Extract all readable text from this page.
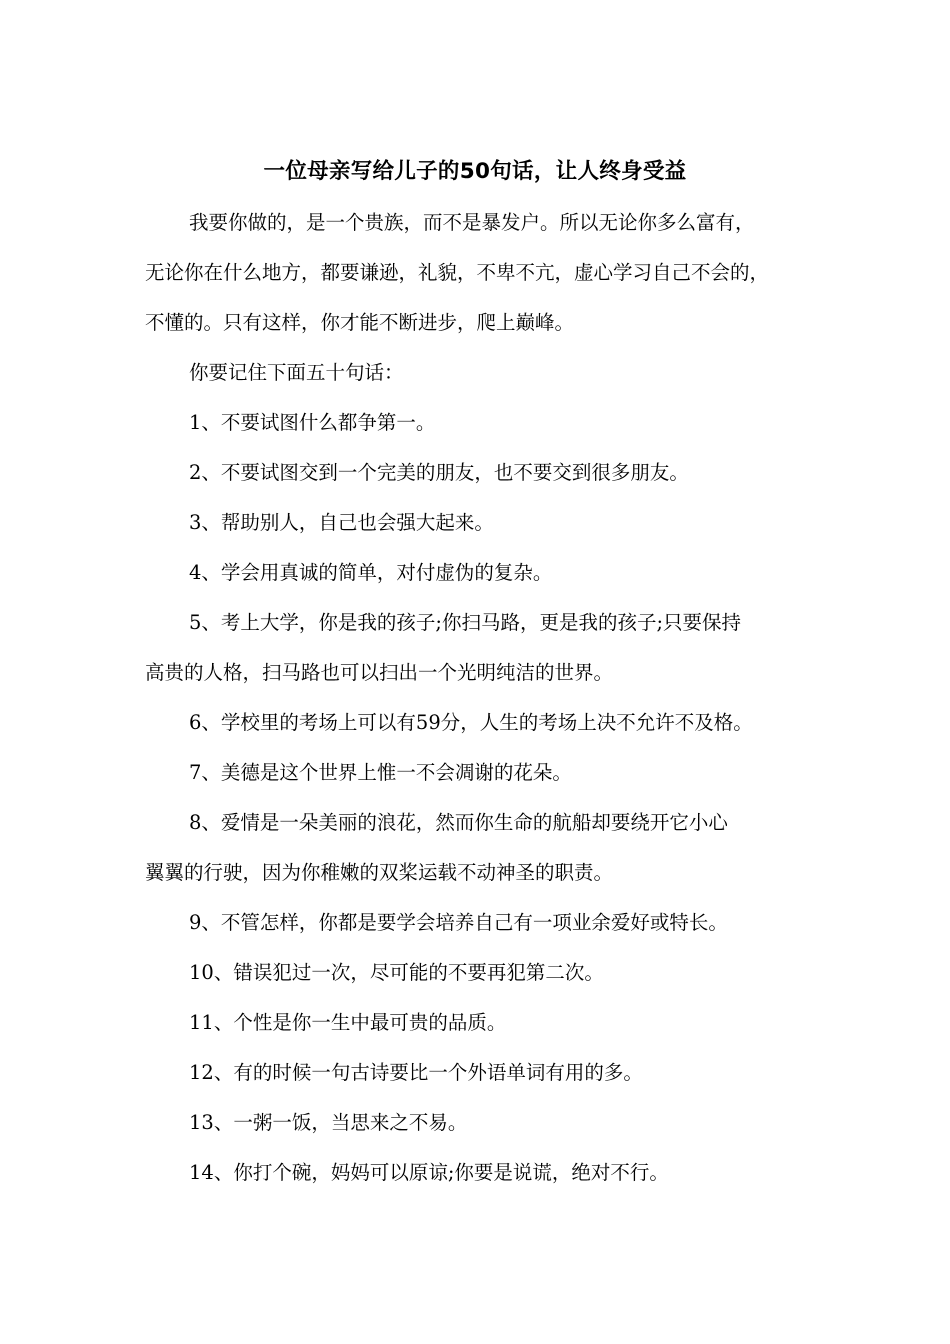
一位母亲写给儿子的50句话，让人终身受益

我要你做的，是一个贵族，而不是暴发户。所以无论你多么富有，
无论你在什么地方，都要谦逊，礼貌，不卑不亢，虚心学习自己不会的，
不懂的。只有这样，你才能不断进步，爬上巅峰。

你要记住下面五十句话：

1、不要试图什么都争第一。

2、不要试图交到一个完美的朋友，也不要交到很多朋友。

3、帮助别人，自己也会强大起来。

4、学会用真诚的简单，对付虚伪的复杂。

5、考上大学，你是我的孩子;你扫马路，更是我的孩子;只要保持
高贵的人格，扫马路也可以扫出一个光明纯洁的世界。

6、学校里的考场上可以有59分，人生的考场上决不允许不及格。

7、美德是这个世界上惟一不会凋谢的花朵。

8、爱情是一朵美丽的浪花，然而你生命的航船却要绕开它小心
翼翼的行驶，因为你稚嫩的双桨运载不动神圣的职责。

9、不管怎样，你都是要学会培养自己有一项业余爱好或特长。

10、错误犯过一次，尽可能的不要再犯第二次。

11、个性是你一生中最可贵的品质。

12、有的时候一句古诗要比一个外语单词有用的多。

13、一粥一饭，当思来之不易。

14、你打个碗，妈妈可以原谅;你要是说谎，绝对不行。
